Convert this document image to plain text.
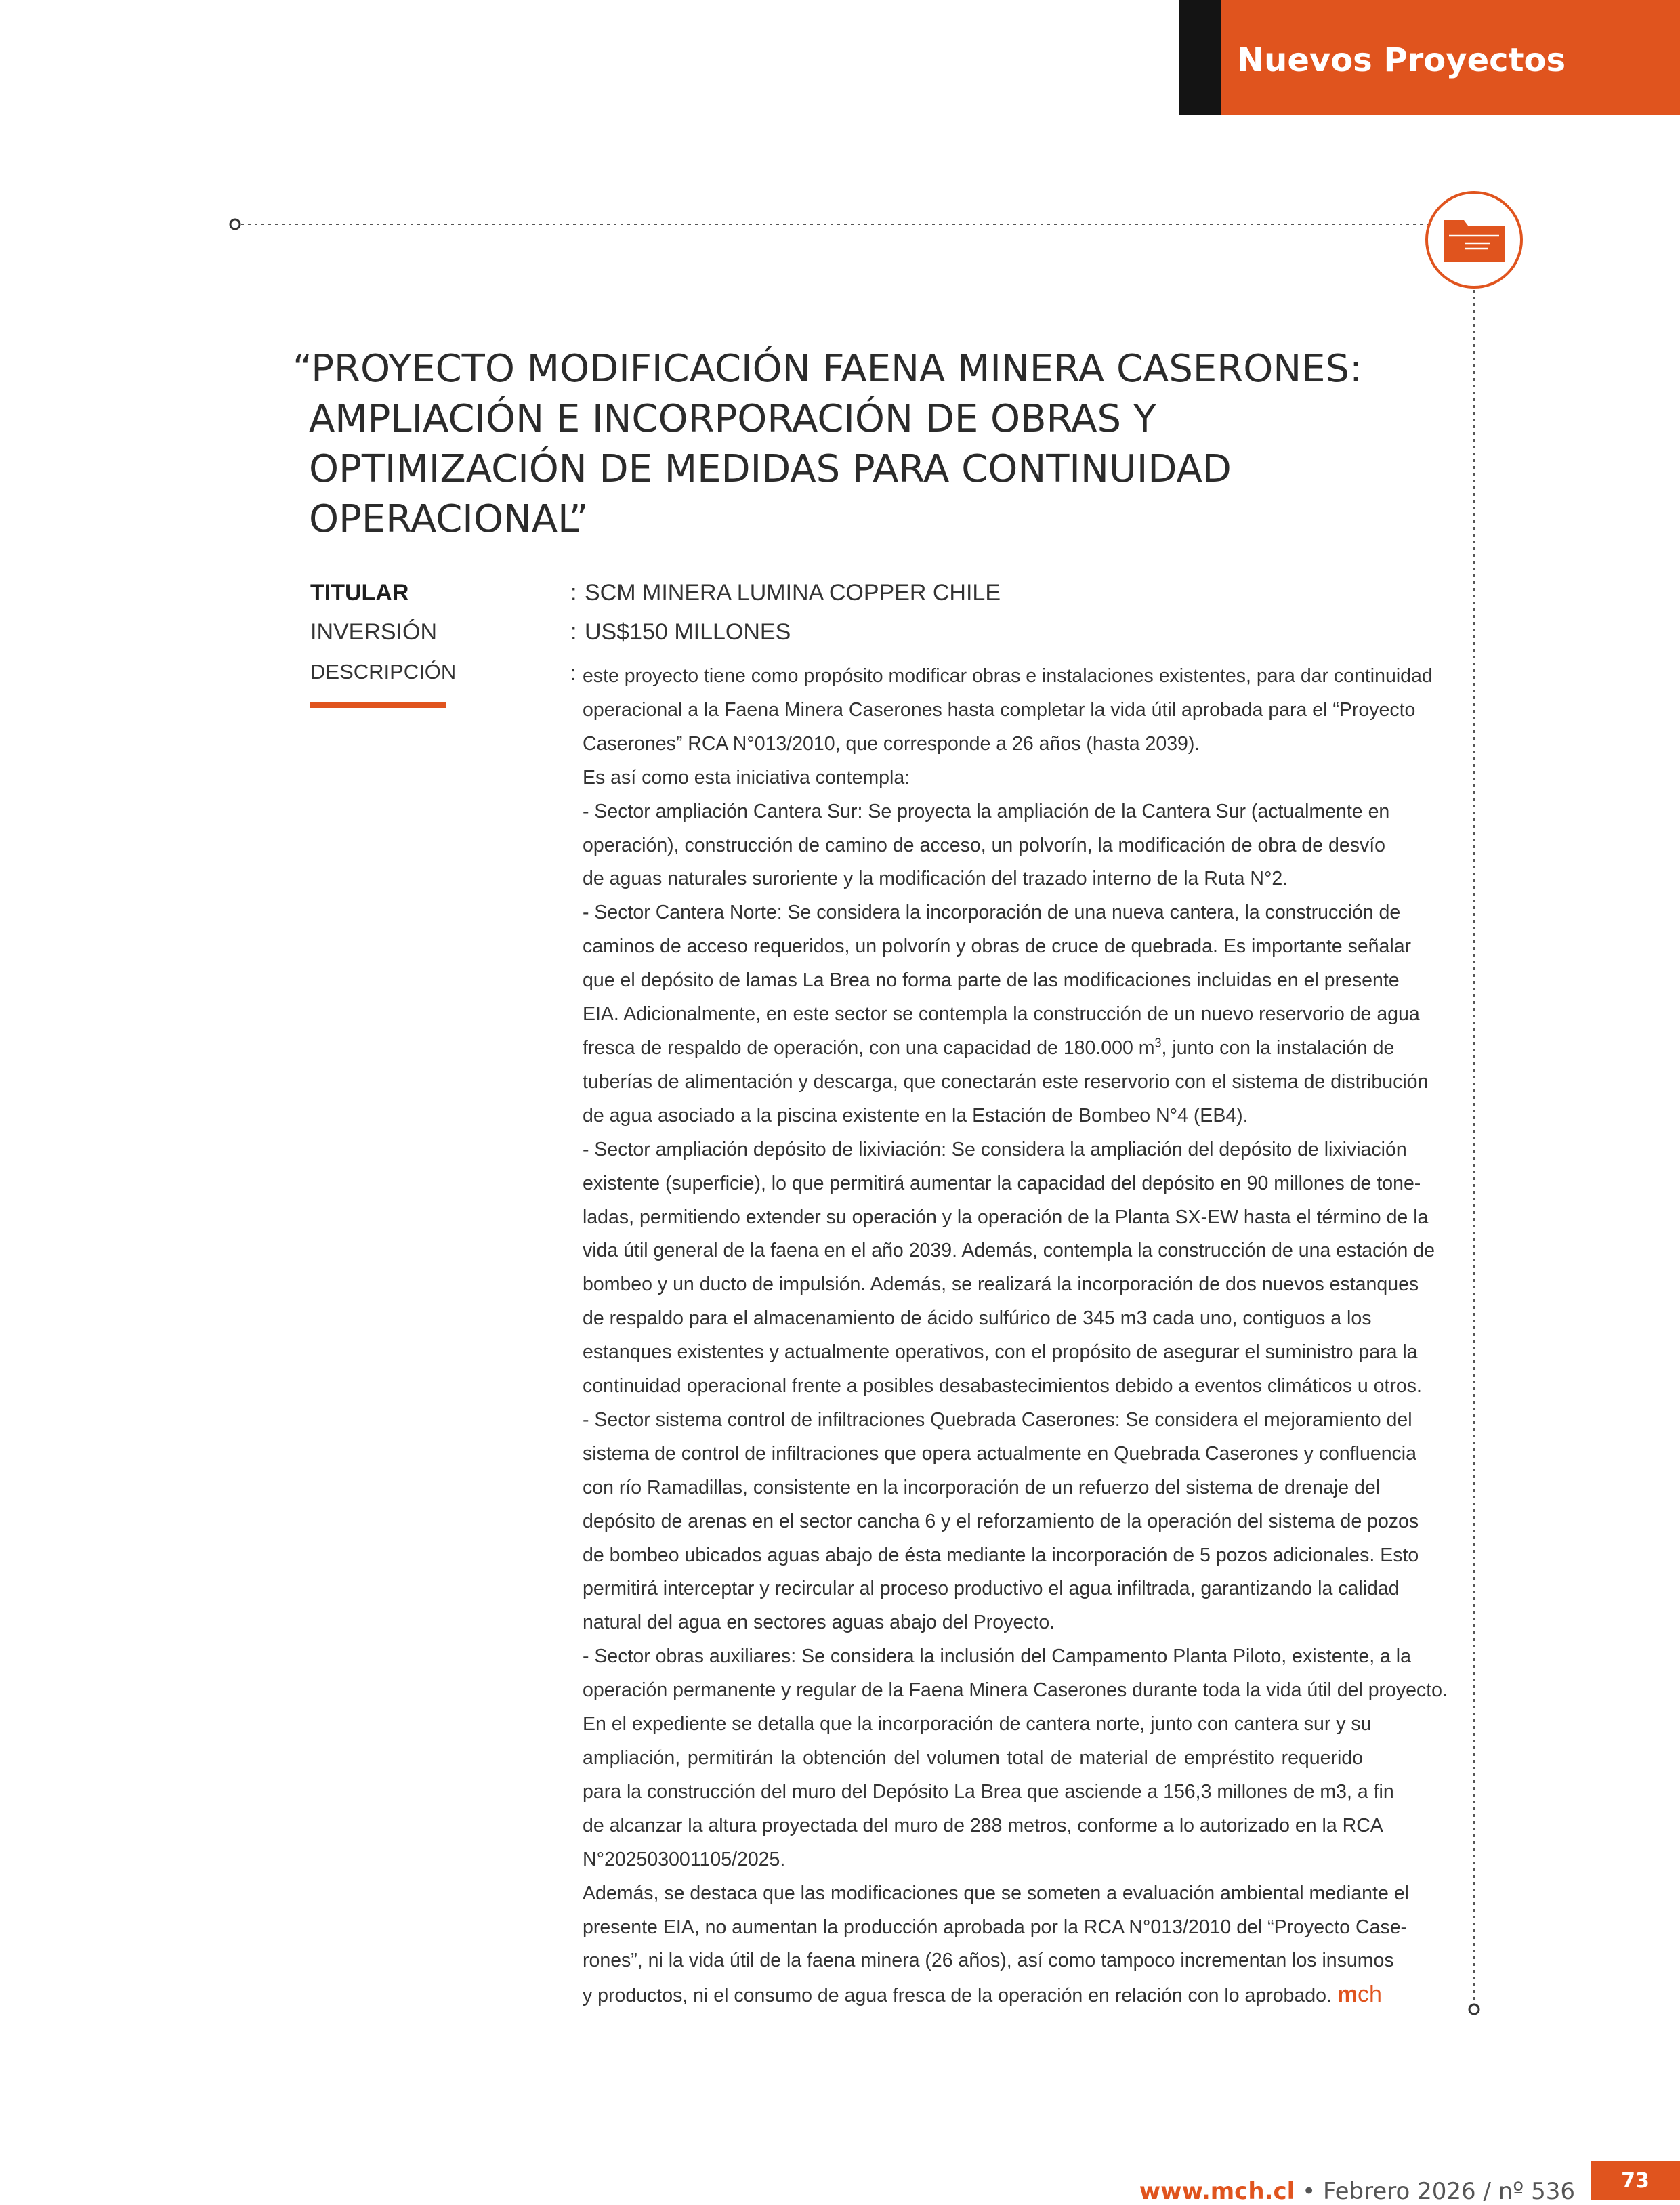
Nuevos Proyectos
“PROYECTO MODIFICACIÓN FAENA MINERA CASERONES:
AMPLIACIÓN E INCORPORACIÓN DE OBRAS Y
OPTIMIZACIÓN DE MEDIDAS PARA CONTINUIDAD
OPERACIONAL”
TITULAR	: SCM MINERA LUMINA COPPER CHILE
INVERSIÓN	: US$150 MILLONES
DESCRIPCIÓN	: este proyecto tiene como propósito modificar obras e instalaciones existentes, para dar continuidad
operacional a la Faena Minera Caserones hasta completar la vida útil aprobada para el “Proyecto
Caserones” RCA N°013/2010, que corresponde a 26 años (hasta 2039).
Es así como esta iniciativa contempla:
- Sector ampliación Cantera Sur: Se proyecta la ampliación de la Cantera Sur (actualmente en
operación), construcción de camino de acceso, un polvorín, la modificación de obra de desvío
de aguas naturales suroriente y la modificación del trazado interno de la Ruta N°2.
- Sector Cantera Norte: Se considera la incorporación de una nueva cantera, la construcción de
caminos de acceso requeridos, un polvorín y obras de cruce de quebrada. Es importante señalar
que el depósito de lamas La Brea no forma parte de las modificaciones incluidas en el presente
EIA. Adicionalmente, en este sector se contempla la construcción de un nuevo reservorio de agua
fresca de respaldo de operación, con una capacidad de 180.000 $m^3$, junto con la instalación de
tuberías de alimentación y descarga, que conectarán este reservorio con el sistema de distribución
de agua asociado a la piscina existente en la Estación de Bombeo N°4 (EB4).
- Sector ampliación depósito de lixiviación: Se considera la ampliación del depósito de lixiviación
existente (superficie), lo que permitirá aumentar la capacidad del depósito en 90 millones de tone-
ladas, permitiendo extender su operación y la operación de la Planta SX-EW hasta el término de la
vida útil general de la faena en el año 2039. Además, contempla la construcción de una estación de
bombeo y un ducto de impulsión. Además, se realizará la incorporación de dos nuevos estanques
de respaldo para el almacenamiento de ácido sulfúrico de 345 m3 cada uno, contiguos a los
estanques existentes y actualmente operativos, con el propósito de asegurar el suministro para la
continuidad operacional frente a posibles desabastecimientos debido a eventos climáticos u otros.
- Sector sistema control de infiltraciones Quebrada Caserones: Se considera el mejoramiento del
sistema de control de infiltraciones que opera actualmente en Quebrada Caserones y confluencia
con río Ramadillas, consistente en la incorporación de un refuerzo del sistema de drenaje del
depósito de arenas en el sector cancha 6 y el reforzamiento de la operación del sistema de pozos
de bombeo ubicados aguas abajo de ésta mediante la incorporación de 5 pozos adicionales. Esto
permitirá interceptar y recircular al proceso productivo el agua infiltrada, garantizando la calidad
natural del agua en sectores aguas abajo del Proyecto.
- Sector obras auxiliares: Se considera la inclusión del Campamento Planta Piloto, existente, a la
operación permanente y regular de la Faena Minera Caserones durante toda la vida útil del proyecto.
En el expediente se detalla que la incorporación de cantera norte, junto con cantera sur y su
ampliación, permitirán la obtención del volumen total de material de empréstito requerido
para la construcción del muro del Depósito La Brea que asciende a 156,3 millones de m3, a fin
de alcanzar la altura proyectada del muro de 288 metros, conforme a lo autorizado en la RCA
N°202503001105/2025.
Además, se destaca que las modificaciones que se someten a evaluación ambiental mediante el
presente EIA, no aumentan la producción aprobada por la RCA N°013/2010 del “Proyecto Case-
rones”, ni la vida útil de la faena minera (26 años), así como tampoco incrementan los insumos
y productos, ni el consumo de agua fresca de la operación en relación con lo aprobado. mch
www.mch.cl • Febrero 2026 / nº 536 73
